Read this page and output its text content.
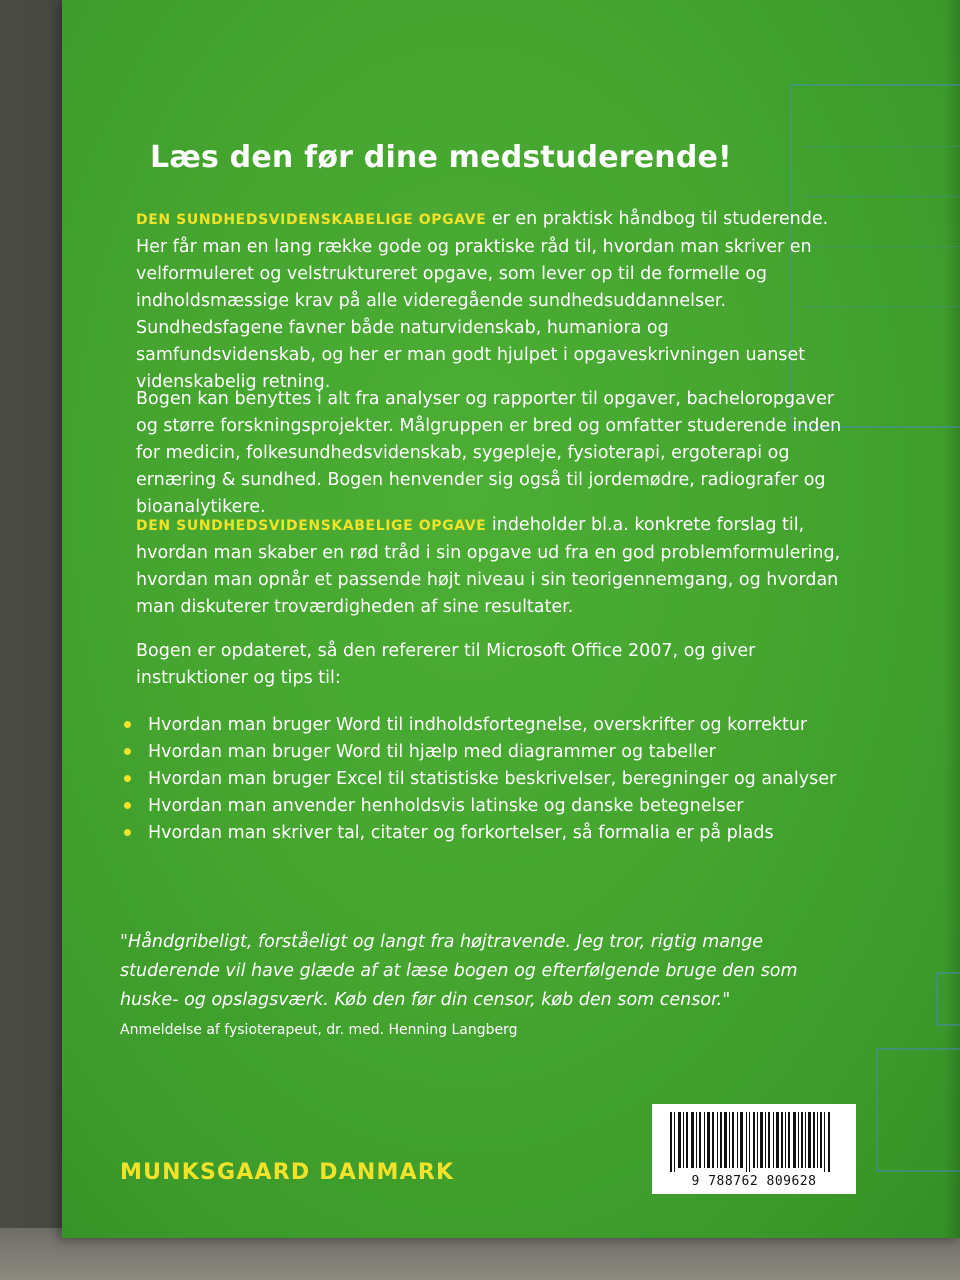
Læs den før dine medstuderende!

DEN SUNDHEDSVIDENSKABELIGE OPGAVE er en praktisk håndbog til studerende. Her får man en lang række gode og praktiske råd til, hvordan man skriver en velformuleret og velstruktureret opgave, som lever op til de formelle og indholdsmæssige krav på alle videregående sundhedsuddannelser. Sundhedsfagene favner både naturvidenskab, humaniora og samfundsvidenskab, og her er man godt hjulpet i opgaveskrivningen uanset videnskabelig retning.

Bogen kan benyttes i alt fra analyser og rapporter til opgaver, bacheloropgaver og større forskningsprojekter. Målgruppen er bred og omfatter studerende inden for medicin, folkesundhedsvidenskab, sygepleje, fysioterapi, ergoterapi og ernæring & sundhed. Bogen henvender sig også til jordemødre, radiografer og bioanalytikere.

DEN SUNDHEDSVIDENSKABELIGE OPGAVE indeholder bl.a. konkrete forslag til, hvordan man skaber en rød tråd i sin opgave ud fra en god problemformulering, hvordan man opnår et passende højt niveau i sin teorigennemgang, og hvordan man diskuterer troværdigheden af sine resultater.

Bogen er opdateret, så den refererer til Microsoft Office 2007, og giver instruktioner og tips til:

Hvordan man bruger Word til indholdsfortegnelse, overskrifter og korrektur
Hvordan man bruger Word til hjælp med diagrammer og tabeller
Hvordan man bruger Excel til statistiske beskrivelser, beregninger og analyser
Hvordan man anvender henholdsvis latinske og danske betegnelser
Hvordan man skriver tal, citater og forkortelser, så formalia er på plads

"Håndgribeligt, forståeligt og langt fra højtravende. Jeg tror, rigtig mange studerende vil have glæde af at læse bogen og efterfølgende bruge den som huske- og opslagsværk. Køb den før din censor, køb den som censor."

Anmeldelse af fysioterapeut, dr. med. Henning Langberg

MUNKSGAARD DANMARK	9 788762 809628
